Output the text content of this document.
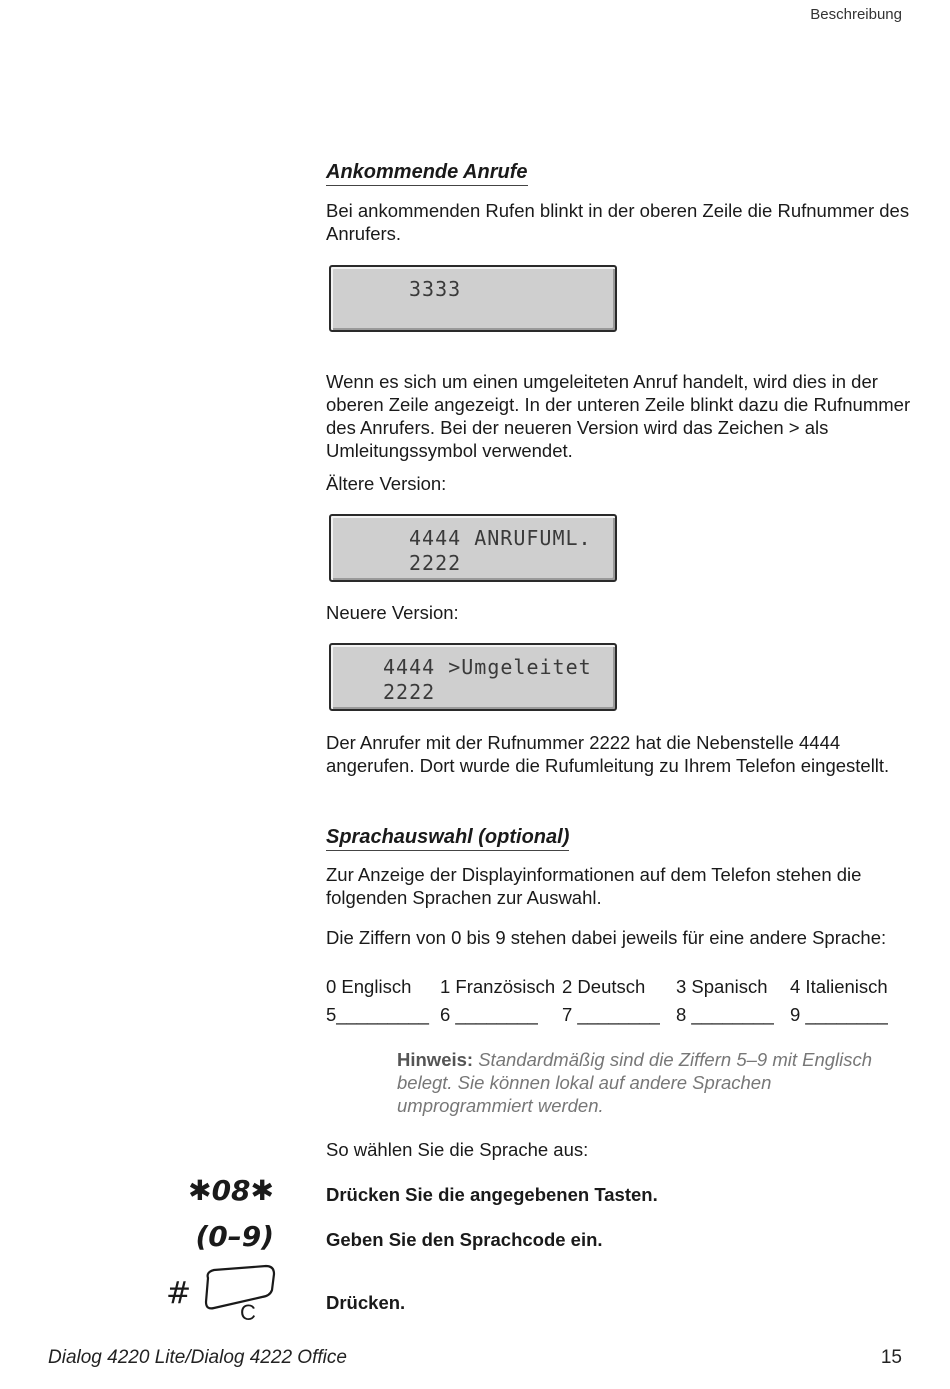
Beschreibung
Ankommende Anrufe

Bei ankommenden Rufen blinkt in der oberen Zeile die Rufnummer des Anrufers.

3333

Wenn es sich um einen umgeleiteten Anruf handelt, wird dies in der oberen Zeile angezeigt. In der unteren Zeile blinkt dazu die Rufnummer des Anrufers. Bei der neueren Version wird das Zeichen > als Umleitungssymbol verwendet.

Ältere Version:

4444 ANRUFUML.
2222

Neuere Version:

4444 >Umgeleitet
2222

Der Anrufer mit der Rufnummer 2222 hat die Nebenstelle 4444 angerufen. Dort wurde die Rufumleitung zu Ihrem Telefon eingestellt.

Sprachauswahl (optional)

Zur Anzeige der Displayinformationen auf dem Telefon stehen die folgenden Sprachen zur Auswahl.

Die Ziffern von 0 bis 9 stehen dabei jeweils für eine andere Sprache:

0 Englisch 1 Französisch 2 Deutsch 3 Spanisch 4 Italienisch
5_________ 6 ________ 7 ________ 8 ________ 9 ________

Hinweis: Standardmäßig sind die Ziffern 5–9 mit Englisch belegt. Sie können lokal auf andere Sprachen umprogrammiert werden.

So wählen Sie die Sprache aus:

✱08✱	Drücken Sie die angegebenen Tasten.
(0–9)	Geben Sie den Sprachcode ein.
#
C	Drücken.
Dialog 4220 Lite/Dialog 4222 Office	15
